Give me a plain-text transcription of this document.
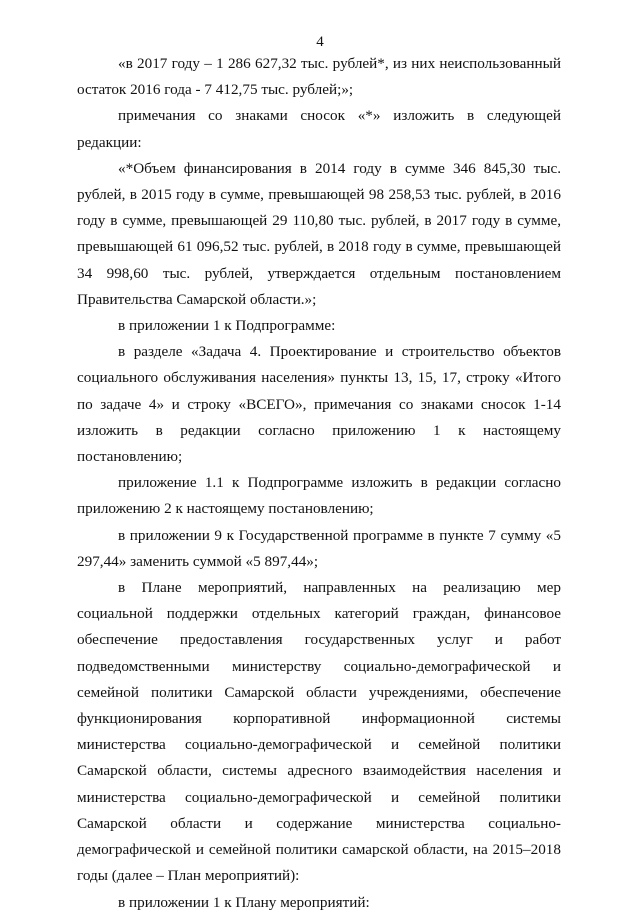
4

«в 2017 году – 1 286 627,32 тыс. рублей*, из них неиспользованный остаток 2016 года - 7 412,75 тыс. рублей;»;

примечания со знаками сносок «*» изложить в следующей редакции:

«*Объем финансирования в 2014 году в сумме 346 845,30 тыс. рублей, в 2015 году в сумме, превышающей 98 258,53 тыс. рублей, в 2016 году в сумме, превышающей 29 110,80 тыс. рублей, в 2017 году в сумме, превышающей 61 096,52 тыс. рублей, в 2018 году в сумме, превышающей 34 998,60 тыс. рублей, утверждается отдельным постановлением Правительства Самарской области.»;

в приложении 1 к Подпрограмме:

в разделе «Задача 4. Проектирование и строительство объектов социального обслуживания населения» пункты 13, 15, 17, строку «Итого по задаче 4» и строку «ВСЕГО», примечания со знаками сносок 1-14 изложить в редакции согласно приложению 1 к настоящему постановлению;

приложение 1.1 к Подпрограмме изложить в редакции согласно приложению 2 к настоящему постановлению;

в приложении 9 к Государственной программе в пункте 7 сумму «5 297,44» заменить суммой «5 897,44»;

в Плане мероприятий, направленных на реализацию мер социальной поддержки отдельных категорий граждан, финансовое обеспечение предоставления государственных услуг и работ подведомственными министерству социально-демографической и семейной политики Самарской области учреждениями, обеспечение функционирования корпоративной информационной системы министерства социально-демографической и семейной политики Самарской области, системы адресного взаимодействия населения и министерства социально-демографической и семейной политики Самарской области и содержание министерства социально-демографической и семейной политики самарской области, на 2015–2018 годы (далее – План мероприятий):

в приложении 1 к Плану мероприятий:
